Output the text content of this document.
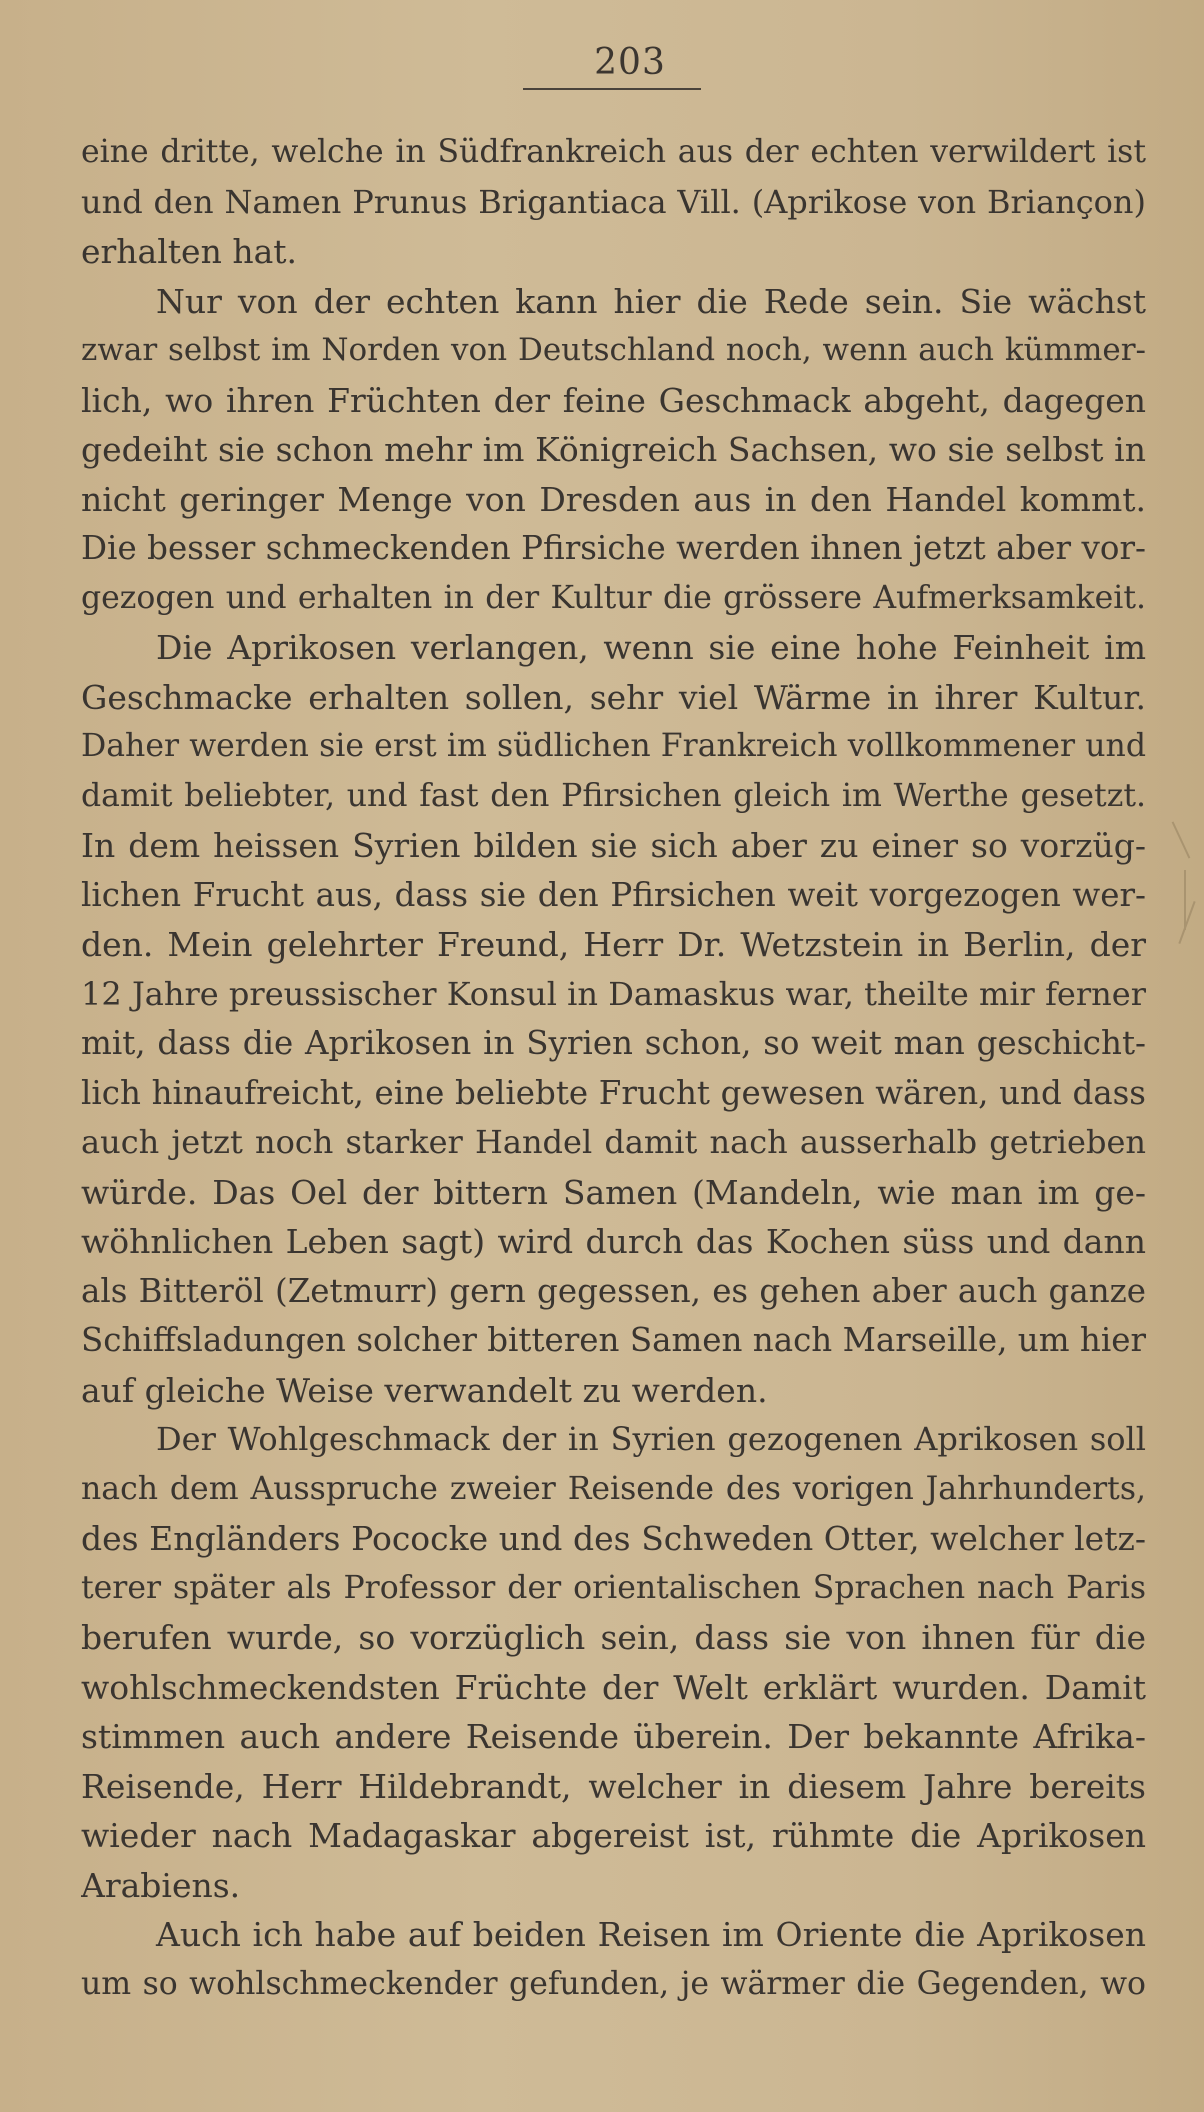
203
eine dritte, welche in Südfrankreich aus der echten verwildert ist
und den Namen Prunus Brigantiaca Vill. (Aprikose von Briançon)
erhalten hat.
Nur von der echten kann hier die Rede sein. Sie wächst
zwar selbst im Norden von Deutschland noch, wenn auch kümmer-
lich, wo ihren Früchten der feine Geschmack abgeht, dagegen
gedeiht sie schon mehr im Königreich Sachsen, wo sie selbst in
nicht geringer Menge von Dresden aus in den Handel kommt.
Die besser schmeckenden Pfirsiche werden ihnen jetzt aber vor-
gezogen und erhalten in der Kultur die grössere Aufmerksamkeit.
Die Aprikosen verlangen, wenn sie eine hohe Feinheit im
Geschmacke erhalten sollen, sehr viel Wärme in ihrer Kultur.
Daher werden sie erst im südlichen Frankreich vollkommener und
damit beliebter, und fast den Pfirsichen gleich im Werthe gesetzt.
In dem heissen Syrien bilden sie sich aber zu einer so vorzüg-
lichen Frucht aus, dass sie den Pfirsichen weit vorgezogen wer-
den. Mein gelehrter Freund, Herr Dr. Wetzstein in Berlin, der
12 Jahre preussischer Konsul in Damaskus war, theilte mir ferner
mit, dass die Aprikosen in Syrien schon, so weit man geschicht-
lich hinaufreicht, eine beliebte Frucht gewesen wären, und dass
auch jetzt noch starker Handel damit nach ausserhalb getrieben
würde. Das Oel der bittern Samen (Mandeln, wie man im ge-
wöhnlichen Leben sagt) wird durch das Kochen süss und dann
als Bitteröl (Zetmurr) gern gegessen, es gehen aber auch ganze
Schiffsladungen solcher bitteren Samen nach Marseille, um hier
auf gleiche Weise verwandelt zu werden.
Der Wohlgeschmack der in Syrien gezogenen Aprikosen soll
nach dem Ausspruche zweier Reisende des vorigen Jahrhunderts,
des Engländers Pococke und des Schweden Otter, welcher letz-
terer später als Professor der orientalischen Sprachen nach Paris
berufen wurde, so vorzüglich sein, dass sie von ihnen für die
wohlschmeckendsten Früchte der Welt erklärt wurden. Damit
stimmen auch andere Reisende überein. Der bekannte Afrika-
Reisende, Herr Hildebrandt, welcher in diesem Jahre bereits
wieder nach Madagaskar abgereist ist, rühmte die Aprikosen
Arabiens.
Auch ich habe auf beiden Reisen im Oriente die Aprikosen
um so wohlschmeckender gefunden, je wärmer die Gegenden, wo
